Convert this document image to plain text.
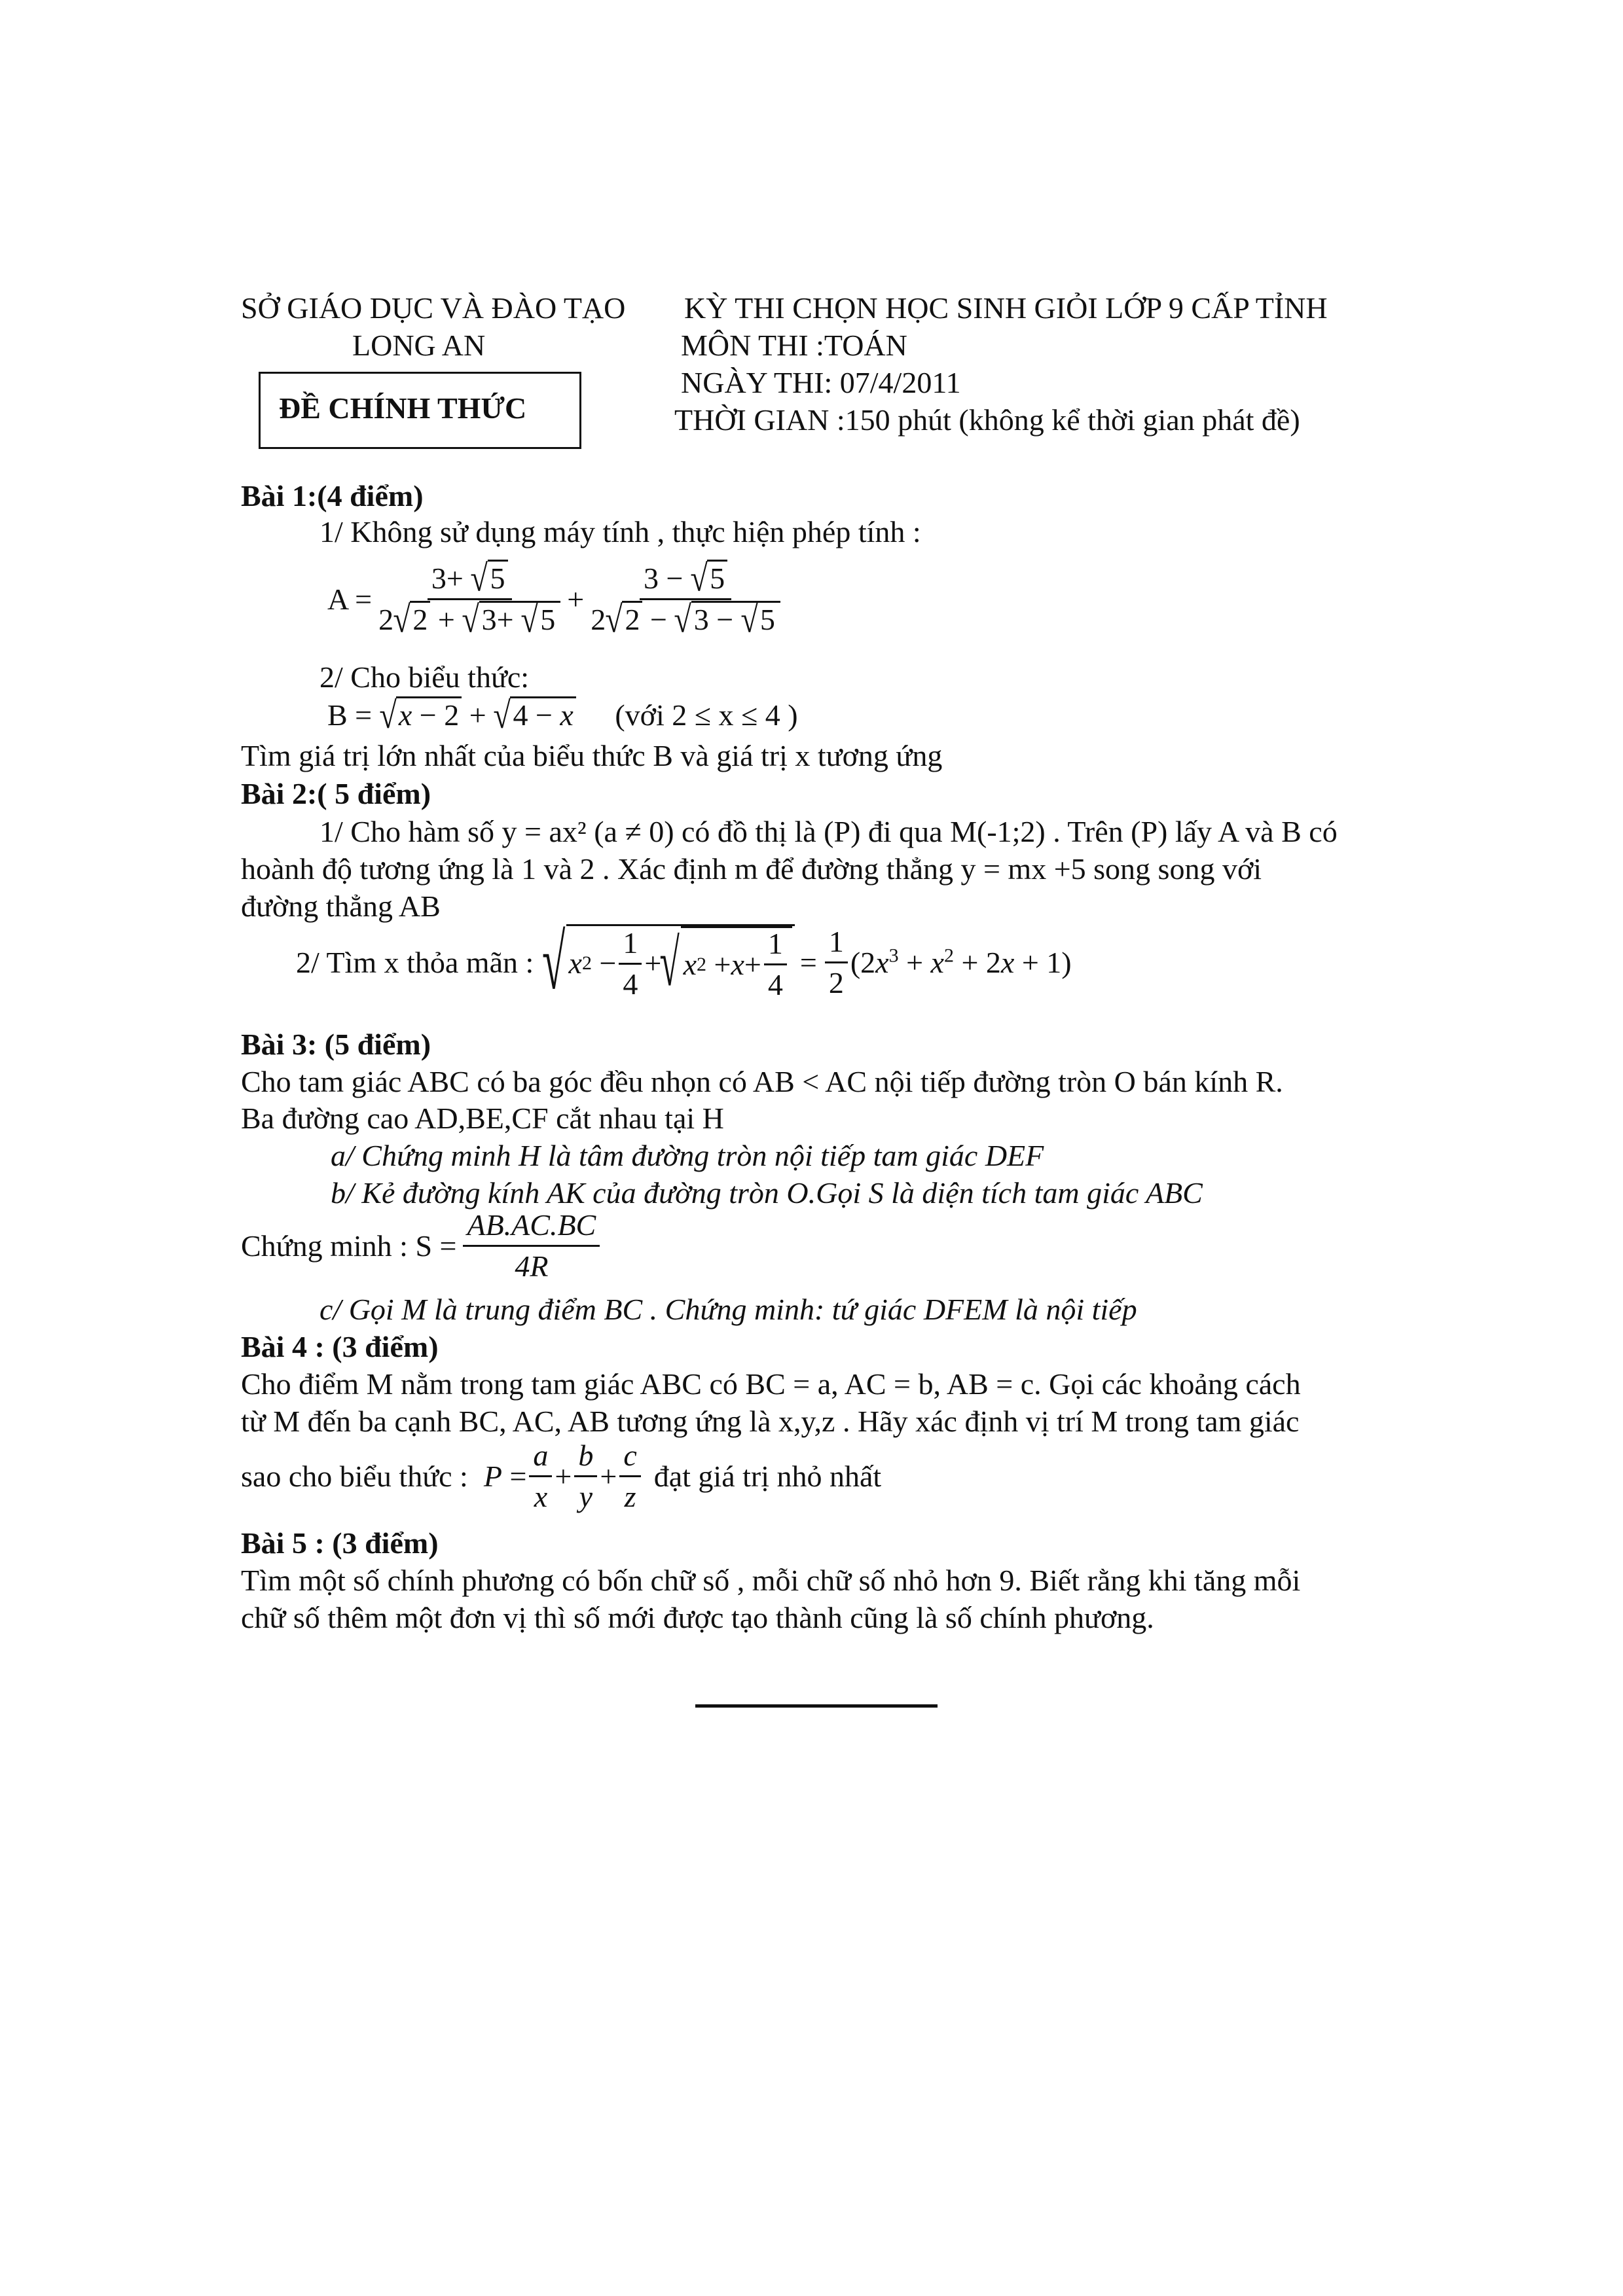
SỞ GIÁO DỤC VÀ ĐÀO TẠO
LONG AN
ĐỀ CHÍNH THỨC
KỲ THI CHỌN HỌC SINH GIỎI LỚP 9 CẤP TỈNH
MÔN THI :TOÁN
NGÀY THI: 07/4/2011
THỜI GIAN :150 phút (không kể thời gian phát đề)
Bài 1:(4 điểm)
1/ Không sử dụng máy tính , thực hiện phép tính :
$A = \frac{3+ √5}{2√2 + √3+ √5} + \frac{3 - √5}{2√2 - √3 - √5}$
2/ Cho biểu thức:
B = √x − 2 + √4 − x (với 2 ≤ x ≤ 4 )
Tìm giá trị lớn nhất của biểu thức B và giá trị x tương ứng
Bài 2:( 5 điểm)
1/ Cho hàm số y = ax² (a ≠ 0) có đồ thị là (P) đi qua M(-1;2) . Trên (P) lấy A và B có
hoành độ tương ứng là 1 và 2 . Xác định m để đường thẳng y = mx +5 song song với
đường thẳng AB
2/ Tìm x thỏa mãn : √ x $2 - \frac{1}{4}$ +
√ x $2 + x + \frac{1}{4} = \frac{1}{2} (2x^3 + x^2 + 2x + 1)$
Bài 3: (5 điểm)
Cho tam giác ABC có ba góc đều nhọn có AB < AC nội tiếp đường tròn O bán kính R.
Ba đường cao AD,BE,CF cắt nhau tại H
a/ Chứng minh H là tâm đường tròn nội tiếp tam giác DEF
b/ Kẻ đường kính AK của đường tròn O.Gọi S là diện tích tam giác ABC
Chứng minh : $S = \frac{AB.AC.BC}{4R}$
c/ Gọi M là trung điểm BC . Chứng minh: tứ giác DFEM là nội tiếp
Bài 4 : (3 điểm)
Cho điểm M nằm trong tam giác ABC có BC = a, AC = b, AB = c. Gọi các khoảng cách
từ M đến ba cạnh BC, AC, AB tương ứng là x,y,z . Hãy xác định vị trí M trong tam giác
sao cho biểu thức : $P = \frac{a}{x} + \frac{b}{y} + \frac{c}{z}$ đạt giá trị nhỏ nhất
Bài 5 : (3 điểm)
Tìm một số chính phương có bốn chữ số , mỗi chữ số nhỏ hơn 9. Biết rằng khi tăng mỗi
chữ số thêm một đơn vị thì số mới được tạo thành cũng là số chính phương.
